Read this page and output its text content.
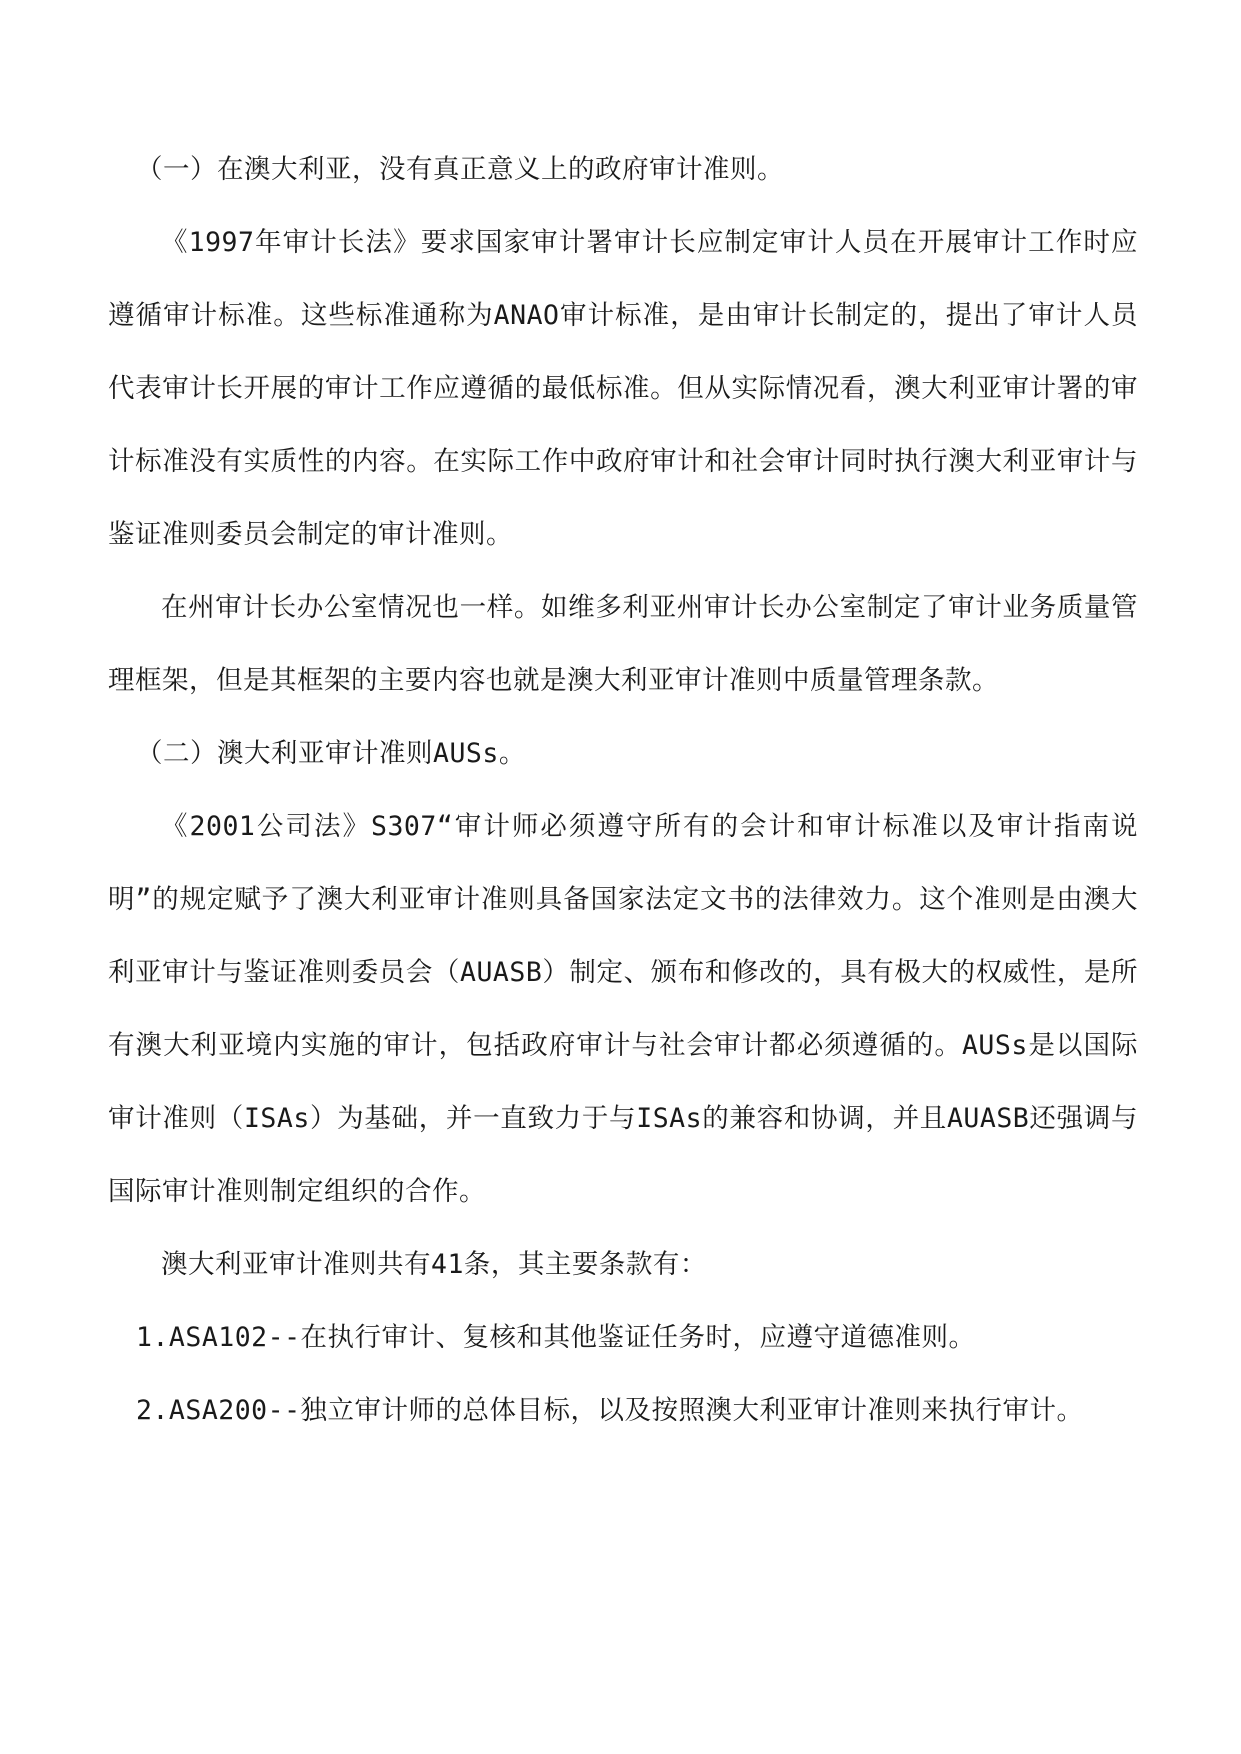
（一）在澳大利亚，没有真正意义上的政府审计准则。

《1997年审计长法》要求国家审计署审计长应制定审计人员在开展审计工作时应遵循审计标准。这些标准通称为ANAO审计标准，是由审计长制定的，提出了审计人员代表审计长开展的审计工作应遵循的最低标准。但从实际情况看，澳大利亚审计署的审计标准没有实质性的内容。在实际工作中政府审计和社会审计同时执行澳大利亚审计与鉴证准则委员会制定的审计准则。

在州审计长办公室情况也一样。如维多利亚州审计长办公室制定了审计业务质量管理框架，但是其框架的主要内容也就是澳大利亚审计准则中质量管理条款。

（二）澳大利亚审计准则AUSs。

《2001公司法》S307“审计师必须遵守所有的会计和审计标准以及审计指南说明”的规定赋予了澳大利亚审计准则具备国家法定文书的法律效力。这个准则是由澳大利亚审计与鉴证准则委员会（AUASB）制定、颁布和修改的，具有极大的权威性，是所有澳大利亚境内实施的审计，包括政府审计与社会审计都必须遵循的。AUSs是以国际审计准则（ISAs）为基础，并一直致力于与ISAs的兼容和协调，并且AUASB还强调与国际审计准则制定组织的合作。

澳大利亚审计准则共有41条，其主要条款有：

1.ASA102--在执行审计、复核和其他鉴证任务时，应遵守道德准则。

2.ASA200--独立审计师的总体目标，以及按照澳大利亚审计准则来执行审计。
